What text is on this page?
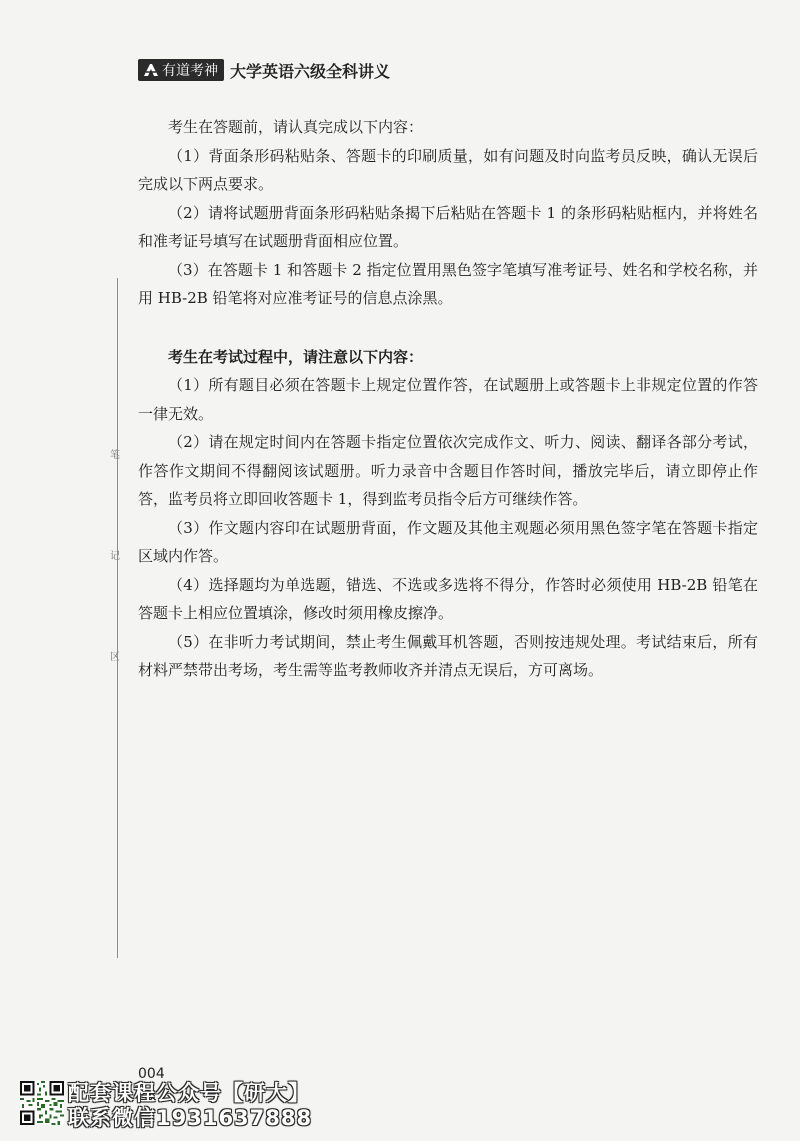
有道考神 大学英语六级全科讲义
笔
记
区

考生在答题前，请认真完成以下内容：

（1）背面条形码粘贴条、答题卡的印刷质量，如有问题及时向监考员反映，确认无误后完成以下两点要求。

（2）请将试题册背面条形码粘贴条揭下后粘贴在答题卡 1 的条形码粘贴框内，并将姓名和准考证号填写在试题册背面相应位置。

（3）在答题卡 1 和答题卡 2 指定位置用黑色签字笔填写准考证号、姓名和学校名称，并用 HB-2B 铅笔将对应准考证号的信息点涂黑。

考生在考试过程中，请注意以下内容：

（1）所有题目必须在答题卡上规定位置作答，在试题册上或答题卡上非规定位置的作答一律无效。

（2）请在规定时间内在答题卡指定位置依次完成作文、听力、阅读、翻译各部分考试，作答作文期间不得翻阅该试题册。听力录音中含题目作答时间，播放完毕后，请立即停止作答，监考员将立即回收答题卡 1，得到监考员指令后方可继续作答。

（3）作文题内容印在试题册背面，作文题及其他主观题必须用黑色签字笔在答题卡指定区域内作答。

（4）选择题均为单选题，错选、不选或多选将不得分，作答时必须使用 HB-2B 铅笔在答题卡上相应位置填涂，修改时须用橡皮擦净。

（5）在非听力考试期间，禁止考生佩戴耳机答题，否则按违规处理。考试结束后，所有材料严禁带出考场，考生需等监考教师收齐并清点无误后，方可离场。

004
配套课程公众号【研大】
联系微信1931637888
